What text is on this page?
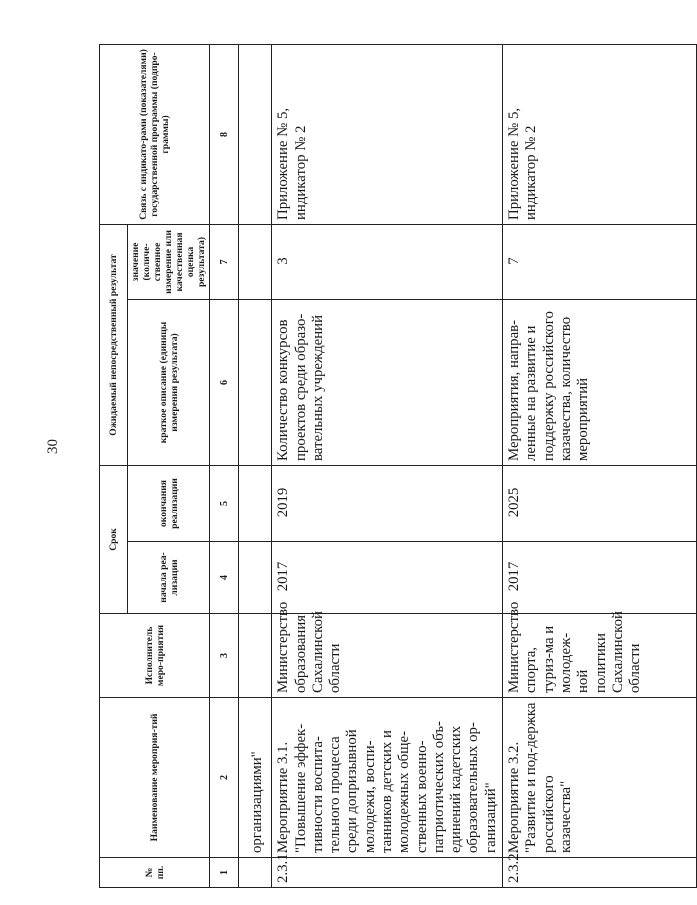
30
№ пп.	Наименование мероприя-тий	Исполнитель меро-приятия	Срок		Ожидаемый непосредственный результат		Связь с индикато-рами (показателями) государственной программы (подпро-граммы)
			начала реа-лизации	окончания реализации	краткое описание (единицы измерения результата)	значение (количе-ственное измерение или качественная оценка результата)	
1	2	3	4	5	6	7	8
	организациями"						
2.3.1.	Мероприятие 3.1. "Повышение эффек-тивности воспита-тельного процесса среди допризывной молодежи, воспи-танников детских и молодежных обще-ственных военно-патриотических объ-единений кадетских образовательных ор-ганизаций"	Министерство образования Сахалинской области	2017	2019	Количество конкурсов проектов среди образо-вательных учреждений	3	Приложение № 5, индикатор № 2
2.3.2.	Мероприятие 3.2. "Развитие и под-держка российского казачества"	Министерство спорта, туриз-ма и молодеж-ной политики Сахалинской области	2017	2025	Мероприятия, направ-ленные на развитие и поддержку российского казачества, количество мероприятий	7	Приложение № 5, индикатор № 2
